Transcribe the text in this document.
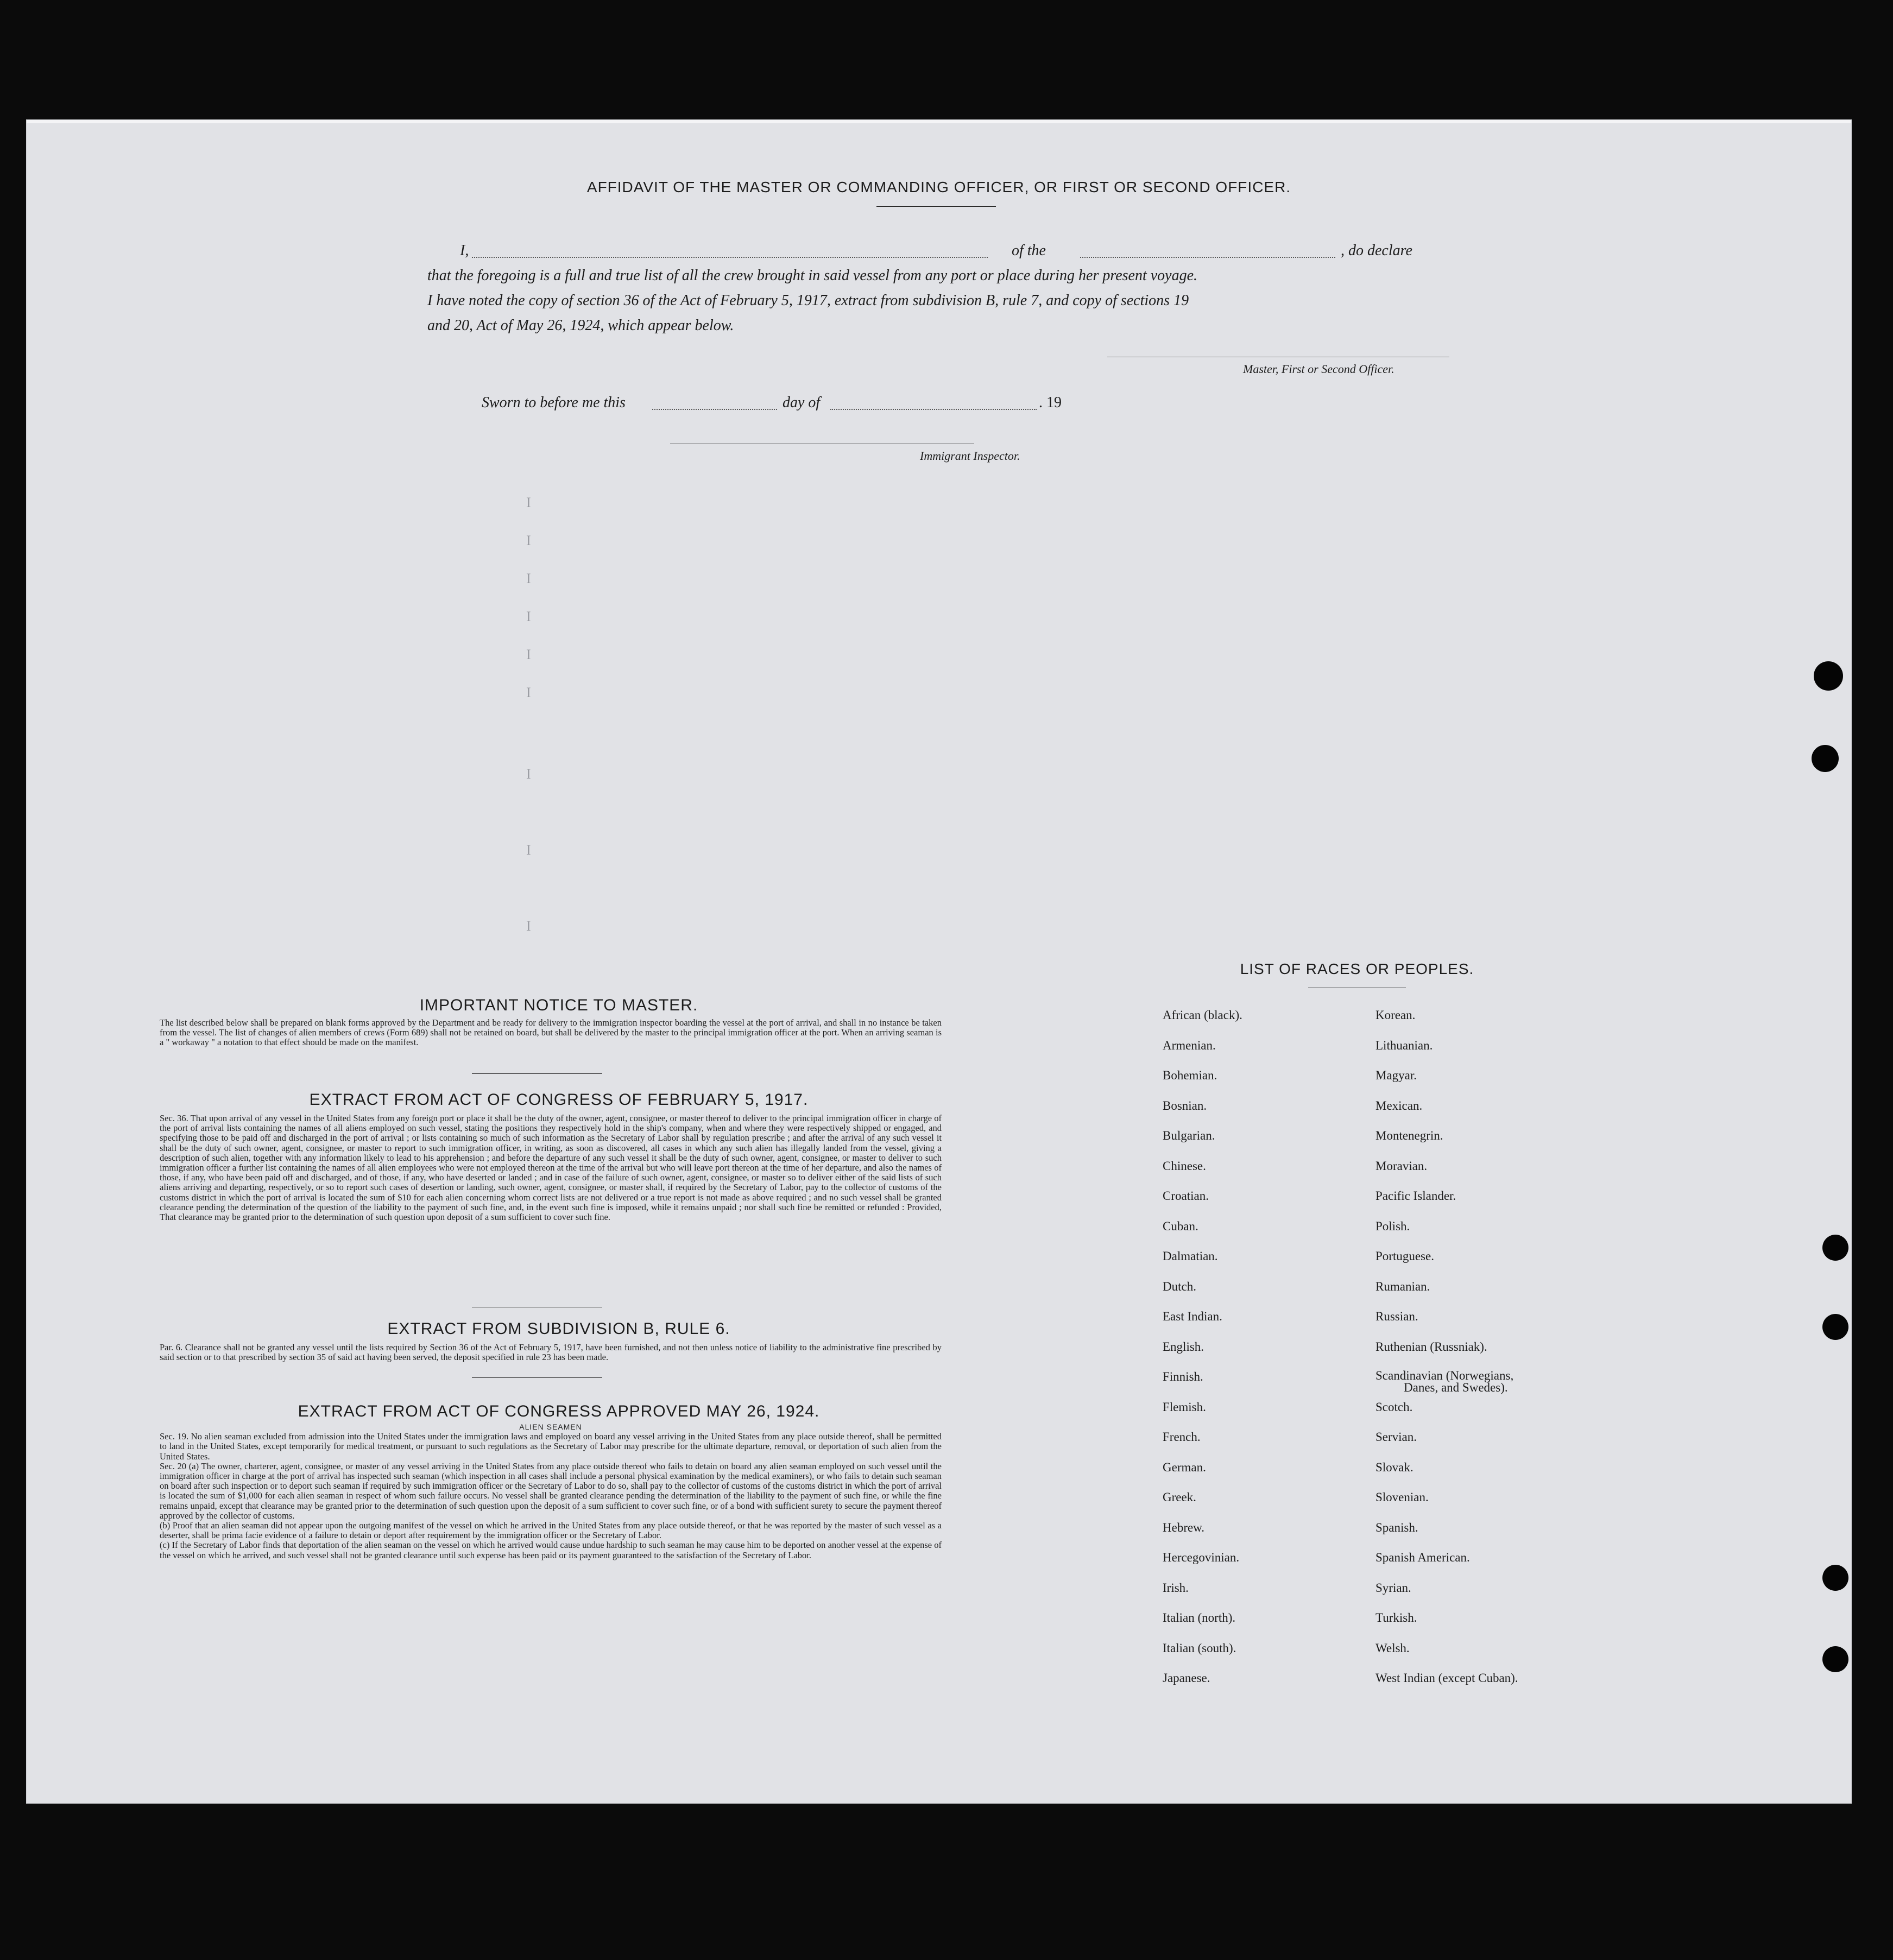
AFFIDAVIT OF THE MASTER OR COMMANDING OFFICER, OR FIRST OR SECOND OFFICER.
I,	of the	, do declare
that the foregoing is a full and true list of all the crew brought in said vessel from any port or place during her present voyage.
I have noted the copy of section 36 of the Act of February 5, 1917, extract from subdivision B, rule 7, and copy of sections 19
and 20, Act of May 26, 1924, which appear below.
Master, First or Second Officer.
Sworn to before me this	day of	. 19
Immigrant Inspector.
I
I
I
I
I
I
I
I
I
IMPORTANT NOTICE TO MASTER.

The list described below shall be prepared on blank forms approved by the Department and be ready for delivery to the immigration inspector boarding the vessel at the port of arrival, and shall in no instance be taken from the vessel. The list of changes of alien members of crews (Form 689) shall not be retained on board, but shall be delivered by the master to the principal immigration officer at the port. When an arriving seaman is a " workaway " a notation to that effect should be made on the manifest.

EXTRACT FROM ACT OF CONGRESS OF FEBRUARY 5, 1917.

Sec. 36. That upon arrival of any vessel in the United States from any foreign port or place it shall be the duty of the owner, agent, consignee, or master thereof to deliver to the principal immigration officer in charge of the port of arrival lists containing the names of all aliens employed on such vessel, stating the positions they respectively hold in the ship's company, when and where they were respectively shipped or engaged, and specifying those to be paid off and discharged in the port of arrival ; or lists containing so much of such information as the Secretary of Labor shall by regulation prescribe ; and after the arrival of any such vessel it shall be the duty of such owner, agent, consignee, or master to report to such immigration officer, in writing, as soon as discovered, all cases in which any such alien has illegally landed from the vessel, giving a description of such alien, together with any information likely to lead to his apprehension ; and before the departure of any such vessel it shall be the duty of such owner, agent, consignee, or master to deliver to such immigration officer a further list containing the names of all alien employees who were not employed thereon at the time of the arrival but who will leave port thereon at the time of her departure, and also the names of those, if any, who have been paid off and discharged, and of those, if any, who have deserted or landed ; and in case of the failure of such owner, agent, consignee, or master so to deliver either of the said lists of such aliens arriving and departing, respectively, or so to report such cases of desertion or landing, such owner, agent, consignee, or master shall, if required by the Secretary of Labor, pay to the collector of customs of the customs district in which the port of arrival is located the sum of $10 for each alien concerning whom correct lists are not delivered or a true report is not made as above required ; and no such vessel shall be granted clearance pending the determination of the question of the liability to the payment of such fine, and, in the event such fine is imposed, while it remains unpaid ; nor shall such fine be remitted or refunded : Provided, That clearance may be granted prior to the determination of such question upon deposit of a sum sufficient to cover such fine.

EXTRACT FROM SUBDIVISION B, RULE 6.

Par. 6. Clearance shall not be granted any vessel until the lists required by Section 36 of the Act of February 5, 1917, have been furnished, and not then unless notice of liability to the administrative fine prescribed by said section or to that prescribed by section 35 of said act having been served, the deposit specified in rule 23 has been made.

EXTRACT FROM ACT OF CONGRESS APPROVED MAY 26, 1924.

ALIEN SEAMEN

Sec. 19. No alien seaman excluded from admission into the United States under the immigration laws and employed on board any vessel arriving in the United States from any place outside thereof, shall be permitted to land in the United States, except temporarily for medical treatment, or pursuant to such regulations as the Secretary of Labor may prescribe for the ultimate departure, removal, or deportation of such alien from the United States.

Sec. 20 (a) The owner, charterer, agent, consignee, or master of any vessel arriving in the United States from any place outside thereof who fails to detain on board any alien seaman employed on such vessel until the immigration officer in charge at the port of arrival has inspected such seaman (which inspection in all cases shall include a personal physical examination by the medical examiners), or who fails to detain such seaman on board after such inspection or to deport such seaman if required by such immigration officer or the Secretary of Labor to do so, shall pay to the collector of customs of the customs district in which the port of arrival is located the sum of $1,000 for each alien seaman in respect of whom such failure occurs. No vessel shall be granted clearance pending the determination of the liability to the payment of such fine, or while the fine remains unpaid, except that clearance may be granted prior to the determination of such question upon the deposit of a sum sufficient to cover such fine, or of a bond with sufficient surety to secure the payment thereof approved by the collector of customs.

(b) Proof that an alien seaman did not appear upon the outgoing manifest of the vessel on which he arrived in the United States from any place outside thereof, or that he was reported by the master of such vessel as a deserter, shall be prima facie evidence of a failure to detain or deport after requirement by the immigration officer or the Secretary of Labor.

(c) If the Secretary of Labor finds that deportation of the alien seaman on the vessel on which he arrived would cause undue hardship to such seaman he may cause him to be deported on another vessel at the expense of the vessel on which he arrived, and such vessel shall not be granted clearance until such expense has been paid or its payment guaranteed to the satisfaction of the Secretary of Labor.

LIST OF RACES OR PEOPLES.
African (black).
Armenian.
Bohemian.
Bosnian.
Bulgarian.
Chinese.
Croatian.
Cuban.
Dalmatian.
Dutch.
East Indian.
English.
Finnish.
Flemish.
French.
German.
Greek.
Hebrew.
Hercegovinian.
Irish.
Italian (north).
Italian (south).
Japanese.
Korean.
Lithuanian.
Magyar.
Mexican.
Montenegrin.
Moravian.
Pacific Islander.
Polish.
Portuguese.
Rumanian.
Russian.
Ruthenian (Russniak).
Scandinavian (Norwegians,
Danes, and Swedes).
Scotch.
Servian.
Slovak.
Slovenian.
Spanish.
Spanish American.
Syrian.
Turkish.
Welsh.
West Indian (except Cuban).
